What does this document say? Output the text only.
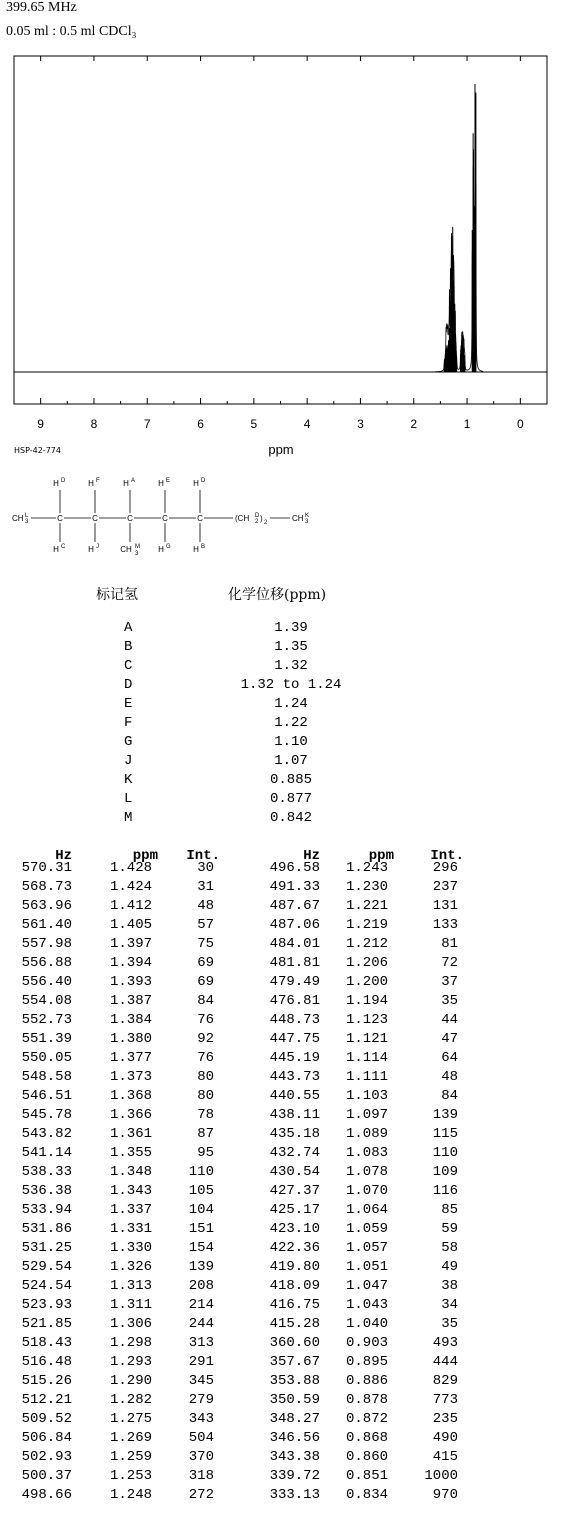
399.65 MHz
0.05 ml : 0.5 ml CDCl₃
9	8	7	6	5	4	3	2	1	0
ppm
HSP-42-774
CH 3
L	C
H D
H C
C
H F
H J
C
H A
CH M
C
H E
H G
C
H D
H B
3
(CH D
2 ) 2	CH 3
K
标记氢	化学位移(ppm)
A	1.39
B	1.35
C	1.32
D	1.32 to 1.24
E	1.24
F	1.22
G	1.10
J	1.07
K	0.885
L	0.877
M	0.842
Hz	ppm	Int.	Hz	ppm	Int.
570.31	1.428	30	496.58	1.243	296
568.73	1.424	31	491.33	1.230	237
563.96	1.412	48	487.67	1.221	131
561.40	1.405	57	487.06	1.219	133
557.98	1.397	75	484.01	1.212	81
556.88	1.394	69	481.81	1.206	72
556.40	1.393	69	479.49	1.200	37
554.08	1.387	84	476.81	1.194	35
552.73	1.384	76	448.73	1.123	44
551.39	1.380	92	447.75	1.121	47
550.05	1.377	76	445.19	1.114	64
548.58	1.373	80	443.73	1.111	48
546.51	1.368	80	440.55	1.103	84
545.78	1.366	78	438.11	1.097	139
543.82	1.361	87	435.18	1.089	115
541.14	1.355	95	432.74	1.083	110
538.33	1.348	110	430.54	1.078	109
536.38	1.343	105	427.37	1.070	116
533.94	1.337	104	425.17	1.064	85
531.86	1.331	151	423.10	1.059	59
531.25	1.330	154	422.36	1.057	58
529.54	1.326	139	419.80	1.051	49
524.54	1.313	208	418.09	1.047	38
523.93	1.311	214	416.75	1.043	34
521.85	1.306	244	415.28	1.040	35
518.43	1.298	313	360.60	0.903	493
516.48	1.293	291	357.67	0.895	444
515.26	1.290	345	353.88	0.886	829
512.21	1.282	279	350.59	0.878	773
509.52	1.275	343	348.27	0.872	235
506.84	1.269	504	346.56	0.868	490
502.93	1.259	370	343.38	0.860	415
500.37	1.253	318	339.72	0.851	1000
498.66	1.248	272	333.13	0.834	970
